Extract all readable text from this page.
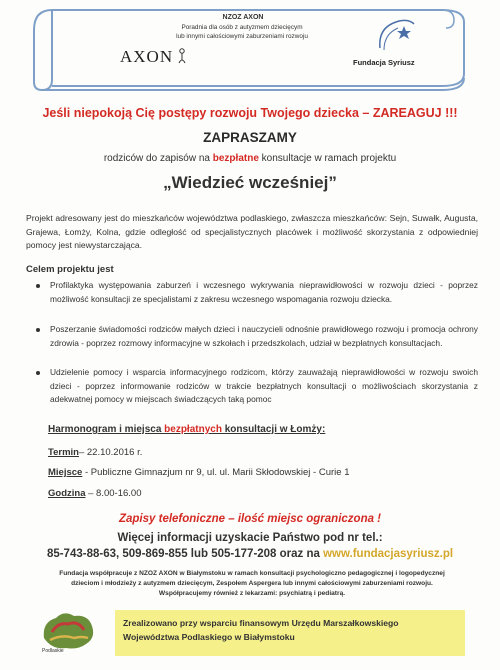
NZOZ AXON
Poradnia dla osób z autyzmem dziecięcym
lub innymi całościowymi zaburzeniami rozwoju
AXON	Fundacja Syriusz
Jeśli niepokoją Cię postępy rozwoju Twojego dziecka – ZAREAGUJ !!!
ZAPRASZAMY
rodziców do zapisów na bezpłatne konsultacje w ramach projektu
„Wiedzieć wcześniej”
Projekt adresowany jest do mieszkańców województwa podlaskiego, zwłaszcza mieszkańców: Sejn, Suwałk, Augusta, Grajewa, Łomży, Kolna, gdzie odległość od specjalistycznych placówek i możliwość skorzystania z odpowiedniej pomocy jest niewystarczająca.
Celem projektu jest
Profilaktyka występowania zaburzeń i wczesnego wykrywania nieprawidłowości w rozwoju dzieci - poprzez możliwość konsultacji ze specjalistami z zakresu wczesnego wspomagania rozwoju dziecka.
Poszerzanie świadomości rodziców małych dzieci i nauczycieli odnośnie prawidłowego rozwoju i promocja ochrony zdrowia - poprzez rozmowy informacyjne w szkołach i przedszkolach, udział w bezpłatnych konsultacjach.
Udzielenie pomocy i wsparcia informacyjnego rodzicom, którzy zauważają nieprawidłowości w rozwoju swoich dzieci - poprzez informowanie rodziców w trakcie bezpłatnych konsultacji o możliwościach skorzystania z adekwatnej pomocy w miejscach świadczących taką pomoc
Harmonogram i miejsca bezpłatnych konsultacji w Łomży:
Termin– 22.10.2016 r.
Miejsce - Publiczne Gimnazjum nr 9, ul. ul. Marii Skłodowskiej - Curie 1
Godzina – 8.00-16.00
Zapisy telefoniczne – ilość miejsc ograniczona !
Więcej informacji uzyskacie Państwo pod nr tel.:
85-743-88-63, 509-869-855 lub 505-177-208 oraz na www.fundacjasyriusz.pl
Fundacja współpracuje z NZOZ AXON w Białymstoku w ramach konsultacji psychologiczno pedagogicznej i logopedycznej
dzieciom i młodzieży z autyzmem dziecięcym, Zespołem Aspergera lub innymi całościowymi zaburzeniami rozwoju.
Współpracujemy również z lekarzami: psychiatrą i pediatrą.
Podlaskie
Zrealizowano przy wsparciu finansowym Urzędu Marszałkowskiego
Województwa Podlaskiego w Białymstoku
